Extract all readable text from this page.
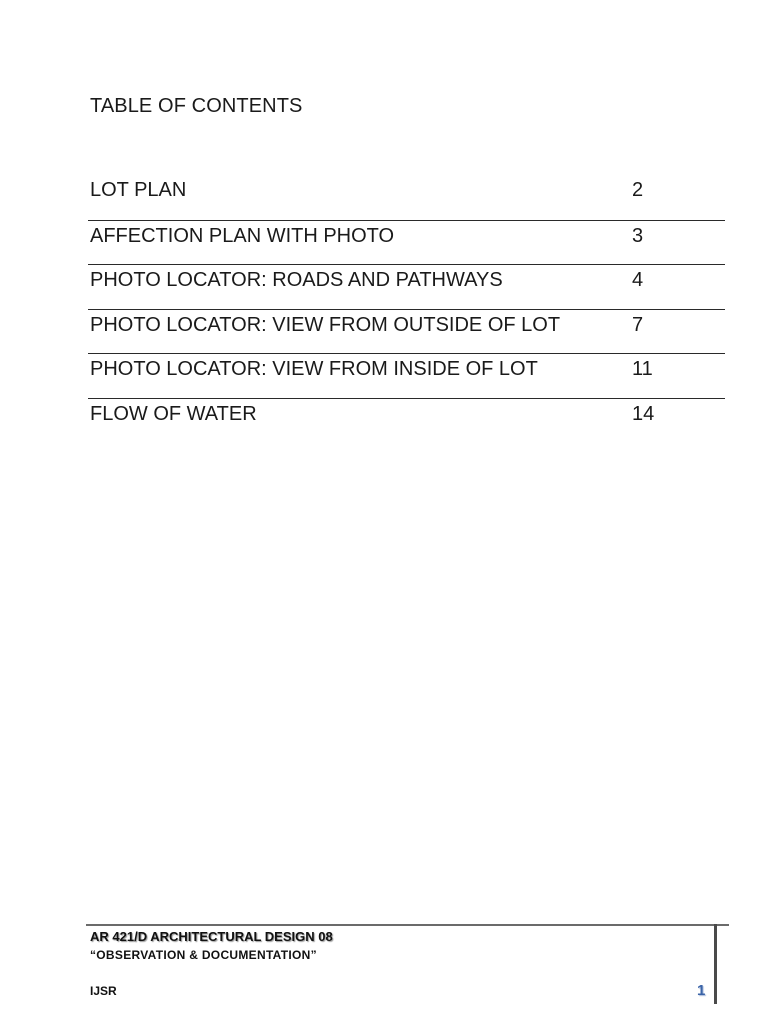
TABLE OF CONTENTS
LOT PLAN	2
AFFECTION PLAN WITH PHOTO	3
PHOTO LOCATOR: ROADS AND PATHWAYS	4
PHOTO LOCATOR: VIEW FROM OUTSIDE OF LOT	7
PHOTO LOCATOR: VIEW FROM INSIDE OF LOT	11
FLOW OF WATER	14
AR 421/D ARCHITECTURAL DESIGN 08
“OBSERVATION & DOCUMENTATION”
IJSR	1
